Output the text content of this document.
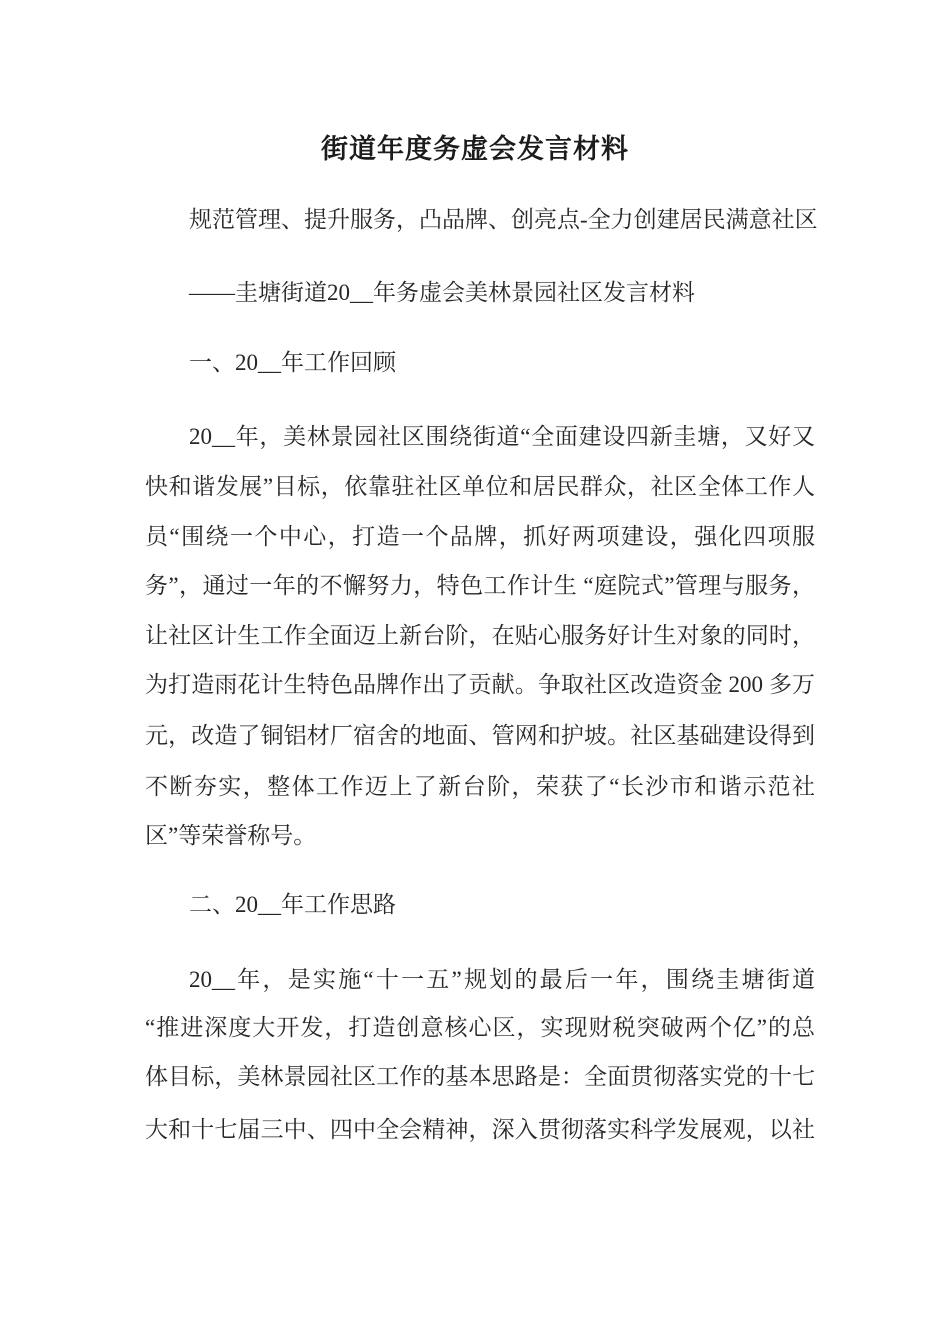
街道年度务虚会发言材料
规范管理、提升服务，凸品牌、创亮点-全力创建居民满意社区
——圭塘街道20__年务虚会美林景园社区发言材料
一、20__年工作回顾
20__年，美林景园社区围绕街道“全面建设四新圭塘，又好又
快和谐发展”目标，依靠驻社区单位和居民群众，社区全体工作人
员“围绕一个中心，打造一个品牌，抓好两项建设，强化四项服
务”，通过一年的不懈努力，特色工作计生 “庭院式”管理与服务，
让社区计生工作全面迈上新台阶，在贴心服务好计生对象的同时，
为打造雨花计生特色品牌作出了贡献。争取社区改造资金 200 多万
元，改造了铜铝材厂宿舍的地面、管网和护坡。社区基础建设得到
不断夯实，整体工作迈上了新台阶，荣获了“长沙市和谐示范社
区”等荣誉称号。
二、20__年工作思路
20__年，是实施“十一五”规划的最后一年，围绕圭塘街道
“推进深度大开发，打造创意核心区，实现财税突破两个亿”的总
体目标，美林景园社区工作的基本思路是：全面贯彻落实党的十七
大和十七届三中、四中全会精神，深入贯彻落实科学发展观，以社
